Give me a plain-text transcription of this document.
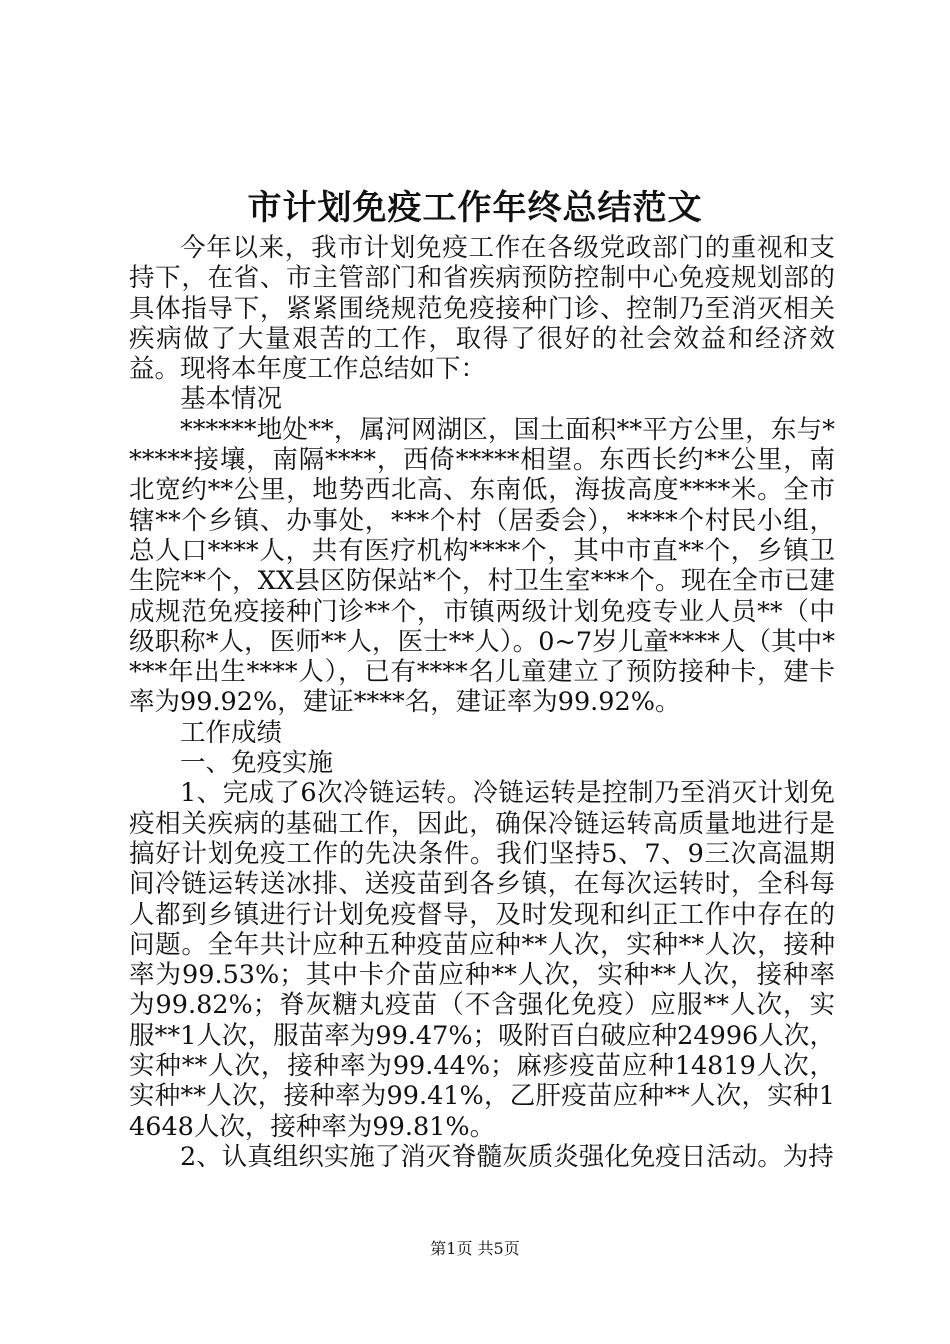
市计划免疫工作年终总结范文

今年以来，我市计划免疫工作在各级党政部门的重视和支持下，在省、市主管部门和省疾病预防控制中心免疫规划部的具体指导下，紧紧围绕规范免疫接种门诊、控制乃至消灭相关疾病做了大量艰苦的工作，取得了很好的社会效益和经济效益。现将本年度工作总结如下：

基本情况

******地处**，属河网湖区，国土面积**平方公里，东与******接壤，南隔****，西倚*****相望。东西长约**公里，南北宽约**公里，地势西北高、东南低，海拔高度****米。全市辖**个乡镇、办事处，***个村（居委会），****个村民小组，总人口****人，共有医疗机构****个，其中市直**个，乡镇卫生院**个，XX县区防保站*个，村卫生室***个。现在全市已建成规范免疫接种门诊**个，市镇两级计划免疫专业人员**（中级职称*人，医师**人，医士**人）。0~7岁儿童****人（其中****年出生****人），已有****名儿童建立了预防接种卡，建卡率为99.92%，建证****名，建证率为99.92%。

工作成绩

一、免疫实施

1、完成了6次冷链运转。冷链运转是控制乃至消灭计划免疫相关疾病的基础工作，因此，确保冷链运转高质量地进行是搞好计划免疫工作的先决条件。我们坚持5、7、9三次高温期间冷链运转送冰排、送疫苗到各乡镇，在每次运转时，全科每人都到乡镇进行计划免疫督导，及时发现和纠正工作中存在的问题。全年共计应种五种疫苗应种**人次，实种**人次，接种率为99.53%；其中卡介苗应种**人次，实种**人次，接种率为99.82%；脊灰糖丸疫苗（不含强化免疫）应服**人次，实服**1人次，服苗率为99.47%；吸附百白破应种24996人次，实种**人次，接种率为99.44%；麻疹疫苗应种14819人次，实种**人次，接种率为99.41%，乙肝疫苗应种**人次，实种14648人次，接种率为99.81%。

2、认真组织实施了消灭脊髓灰质炎强化免疫日活动。为持

第1页 共5页
